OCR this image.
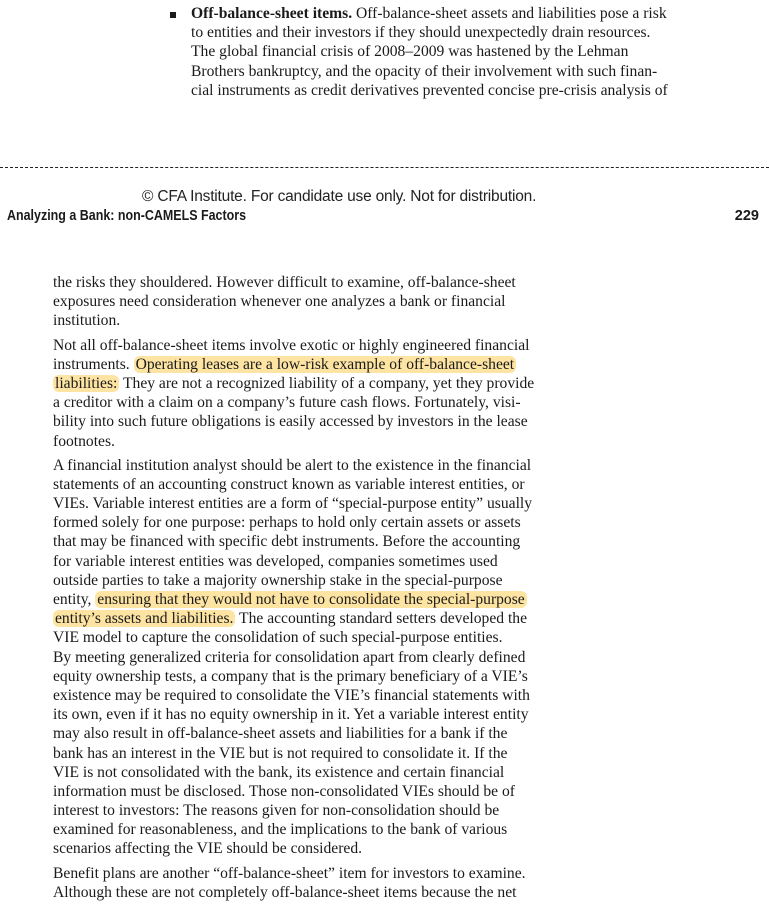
Off-balance-sheet items. Off-balance-sheet assets and liabilities pose a risk
to entities and their investors if they should unexpectedly drain resources.
The global financial crisis of 2008–2009 was hastened by the Lehman
Brothers bankruptcy, and the opacity of their involvement with such finan-
cial instruments as credit derivatives prevented concise pre-crisis analysis of
© CFA Institute. For candidate use only. Not for distribution.
Analyzing a Bank: non-CAMELS Factors	229
the risks they shouldered. However difficult to examine, off-balance-sheet
exposures need consideration whenever one analyzes a bank or financial
institution.
Not all off-balance-sheet items involve exotic or highly engineered financial
instruments. Operating leases are a low-risk example of off-balance-sheet
liabilities: They are not a recognized liability of a company, yet they provide
a creditor with a claim on a company’s future cash flows. Fortunately, visi-
bility into such future obligations is easily accessed by investors in the lease
footnotes.
A financial institution analyst should be alert to the existence in the financial
statements of an accounting construct known as variable interest entities, or
VIEs. Variable interest entities are a form of “special-purpose entity” usually
formed solely for one purpose: perhaps to hold only certain assets or assets
that may be financed with specific debt instruments. Before the accounting
for variable interest entities was developed, companies sometimes used
outside parties to take a majority ownership stake in the special-purpose
entity, ensuring that they would not have to consolidate the special-purpose
entity’s assets and liabilities. The accounting standard setters developed the
VIE model to capture the consolidation of such special-purpose entities.
By meeting generalized criteria for consolidation apart from clearly defined
equity ownership tests, a company that is the primary beneficiary of a VIE’s
existence may be required to consolidate the VIE’s financial statements with
its own, even if it has no equity ownership in it. Yet a variable interest entity
may also result in off-balance-sheet assets and liabilities for a bank if the
bank has an interest in the VIE but is not required to consolidate it. If the
VIE is not consolidated with the bank, its existence and certain financial
information must be disclosed. Those non-consolidated VIEs should be of
interest to investors: The reasons given for non-consolidation should be
examined for reasonableness, and the implications to the bank of various
scenarios affecting the VIE should be considered.
Benefit plans are another “off-balance-sheet” item for investors to examine.
Although these are not completely off-balance-sheet items because the net
